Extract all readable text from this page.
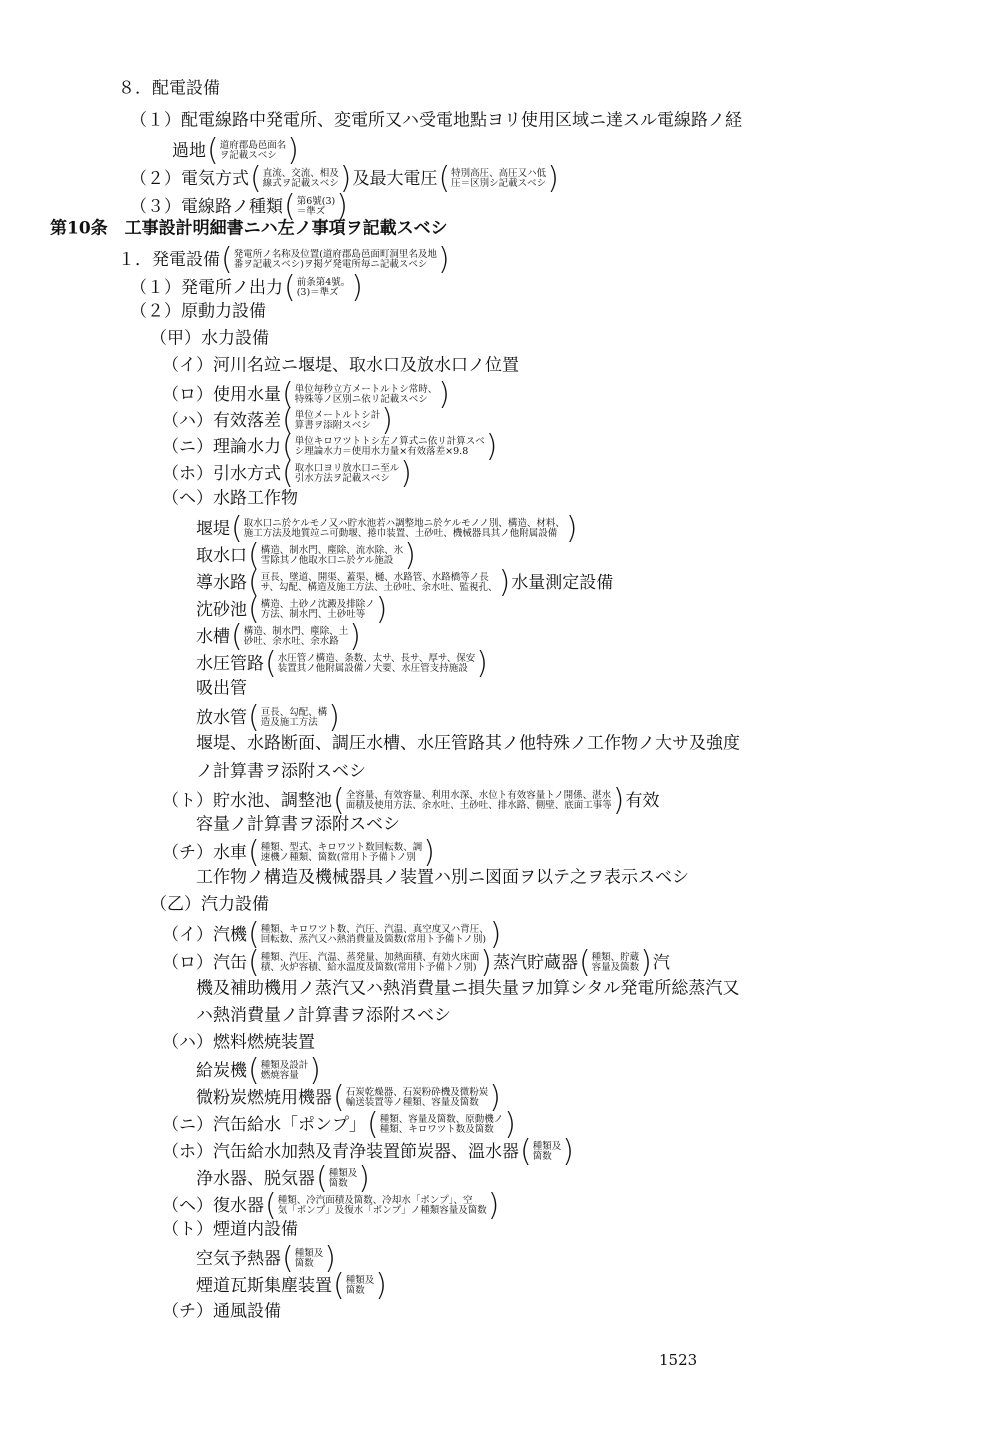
８．配電設備
（１）配電線路中発電所、変電所又ハ受電地點ヨリ使用区域ニ達スル電線路ノ経
過地 ( 道府郡島邑面名
ヲ記載スベシ )
（２）電気方式 ( 直流、交流、相及
線式ヲ記載スベシ ) 及最大電圧 ( 特別高圧、高圧又ハ低
圧＝区別シ記載スベシ )
（３）電線路ノ種類 ( 第6號(3)
＝準ズ )
第10条　工事設計明細書ニハ左ノ事項ヲ記載スベシ
１．発電設備 ( 発電所ノ名称及位置(道府郡島邑面町洞里名及地
番ヲ記載スベシ)ヲ掲ゲ発電所毎ニ記載スベシ )
（１）発電所ノ出力 ( 前条第4號。
(3)＝準ズ )
（２）原動力設備
（甲）水力設備
（イ）河川名竝ニ堰堤、取水口及放水口ノ位置
（ロ）使用水量 ( 単位毎秒立方メートルトシ常時、
特殊等ノ区別ニ依リ記載スベシ )
（ハ）有效落差 ( 単位メートルトシ計
算書ヲ添附スベシ )
（ニ）理論水力 ( 単位キロワツトトシ左ノ算式ニ依リ計算スベ
シ理論水力＝使用水力量×有效落差×9.8 )
（ホ）引水方式 ( 取水口ヨリ放水口ニ至ル
引水方法ヲ記載スベシ )
（ヘ）水路工作物
堰堤 ( 取水口ニ於ケルモノ又ハ貯水池若ハ調整地ニ於ケルモノノ別、構造、材料、
施工方法及地質竝ニ可動堰、捲巾装置、土砂吐、機械器具其ノ他附属設備 )
取水口 ( 構造、制水門、塵除、流水除、氷
雪除其ノ他取水口ニ於ケル施設 )
導水路 ( 亘長、墜道、開渠、蓋渠、樋、水路管、水路橋等ノ長
サ、勾配、構造及施工方法、土砂吐、余水吐、監視孔、 ) 水量測定設備
沈砂池 ( 構造、土砂ノ沈澱及排除ノ
方法、制水門、土砂吐等 )
水槽 ( 構造、制水門、塵除、土
砂吐、余水吐、余水路 )
水圧管路 ( 水圧管ノ構造、条数、太サ、長サ、厚サ、保安
装置其ノ他附属設備ノ大要、水圧管支持施設 )
吸出管
放水管 ( 亘長、勾配、構
造及施工方法 )
堰堤、水路断面、調圧水槽、水圧管路其ノ他特殊ノ工作物ノ大サ及強度
ノ計算書ヲ添附スベシ
（ト）貯水池、調整池 ( 全容量、有效容量、利用水深、水位ト有效容量トノ開係、湛水
面積及使用方法、余水吐、土砂吐、排水路、側壁、底面工事等 ) 有效
容量ノ計算書ヲ添附スベシ
（チ）水車 ( 種類、型式、キロワツト数回転数、調
速機ノ種類、箇数(常用ト予備トノ別 )
工作物ノ構造及機械器具ノ装置ハ別ニ図面ヲ以テ之ヲ表示スベシ
（乙）汽力設備
（イ）汽機 ( 種類、キロワツト数、汽圧、汽温、真空度又ハ背圧、
回転数、蒸汽又ハ熱消費量及箇数(常用ト予備トノ別) )
（ロ）汽缶 ( 種類、汽圧、汽温、蒸発量、加熱面積、有効火床面
積、火炉容積、給水温度及箇数(常用ト予備トノ別) ) 蒸汽貯蔵器 ( 種類、貯蔵
容量及箇数 ) 汽
機及補助機用ノ蒸汽又ハ熱消費量ニ損失量ヲ加算シタル発電所総蒸汽又
ハ熱消費量ノ計算書ヲ添附スベシ
（ハ）燃料燃焼装置
給炭機 ( 種類及設計
燃焼容量 )
微粉炭燃焼用機器 ( 石炭乾燥器、石炭粉砕機及微粉炭
輸送装置等ノ種類、容量及箇数 )
（ニ）汽缶給水「ポンプ」 ( 種類、容量及箇数、原動機ノ
種類、キロワツト数及箇数 )
（ホ）汽缶給水加熱及青浄装置節炭器、溫水器 ( 種類及
箇数 )
浄水器、脱気器 ( 種類及
箇数 )
（ヘ）復水器 ( 種類、冷汽面積及箇数、冷却水「ポンプ」、空
気「ポンプ」及復水「ポンプ」ノ種類容量及箇数 )
（ト）煙道内設備
空気予熱器 ( 種類及
箇数 )
煙道瓦斯集塵装置 ( 種類及
箇数 )
（チ）通風設備
1523
